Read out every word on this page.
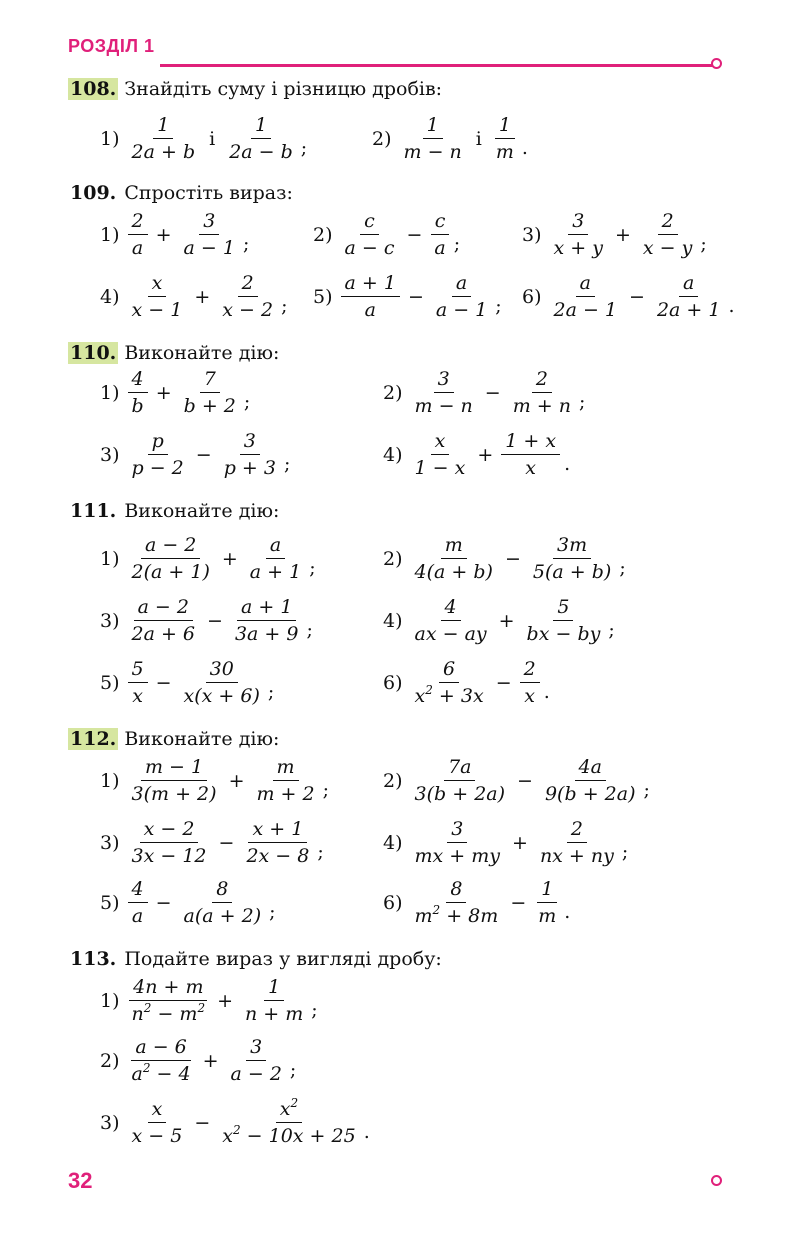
РОЗДІЛ 1
108. Знайдіть суму і різницю дробів:
$1) \frac{1}{2a + b}$ і $\frac{1}{2a - b}$ ;	$2) \frac{1}{m - n}$ і $\frac{1}{m}$ .
109. Спростіть вираз:
$1) \frac{2}{a} + \frac{3}{a - 1}$ ;	$2) \frac{c}{a - c} - \frac{c}{a}$ ;	$3) \frac{3}{x + y} + \frac{2}{x - y}$ ;
$4) \frac{x}{x - 1} + \frac{2}{x - 2}$ ; $5) \frac{a + 1}{a} - \frac{a}{a - 1}$ ; $6) \frac{a}{2a - 1} - \frac{a}{2a + 1}$ .
110. Виконайте дію:
$1) \frac{4}{b} + \frac{7}{b + 2}$ ;	$2) \frac{3}{m - n} - \frac{2}{m + n}$ ;
$3) \frac{p}{p - 2} - \frac{3}{p + 3}$ ;	$4) \frac{x}{1 - x} + \frac{1 + x}{x}$ .
111. Виконайте дію:
$1) \frac{a - 2}{2(a + 1)} + \frac{a}{a + 1}$ ;	$2) \frac{m}{4(a + b)} - \frac{3m}{5(a + b)}$ ;
$3) \frac{a - 2}{2a + 6} - \frac{a + 1}{3a + 9}$ ;	$4) \frac{4}{ax - ay} + \frac{5}{bx - by}$ ;
$5) \frac{5}{x} - \frac{30}{x(x + 6)}$ ;	$6) \frac{6}{x^2 + 3x} - \frac{2}{x}$ .
112. Виконайте дію:
$1) \frac{m - 1}{3(m + 2)} + \frac{m}{m + 2}$ ;	$2) \frac{7a}{3(b + 2a)} - \frac{4a}{9(b + 2a)}$ ;
$3) \frac{x - 2}{3x - 12} - \frac{x + 1}{2x - 8}$ ;	$4) \frac{3}{mx + my} + \frac{2}{nx + ny}$ ;
$5) \frac{4}{a} - \frac{8}{a(a + 2)}$ ;	$6) \frac{8}{m^2 + 8m} - \frac{1}{m}$ .
113. Подайте вираз у вигляді дробу:
$1) \frac{4n + m}{n^2 - m^2} + \frac{1}{n + m}$ ;
$2) \frac{a - 6}{a^2 - 4} + \frac{3}{a - 2}$ ;
$3) \frac{x}{x - 5} - \frac{x^2}{x^2 - 10x + 25}$ .
32
